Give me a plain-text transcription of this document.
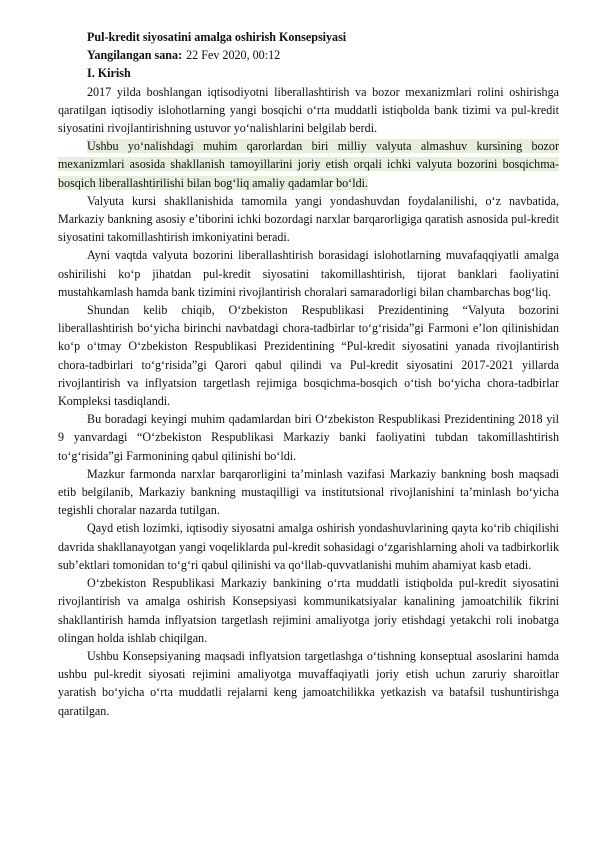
Pul-kredit siyosatini amalga oshirish Konsepsiyasi

Yangilangan sana: 22 Fev 2020, 00:12

I. Kirish

2017 yilda boshlangan iqtisodiyotni liberallashtirish va bozor mexanizmlari rolini oshirishga qaratilgan iqtisodiy islohotlarning yangi bosqichi o‘rta muddatli istiqbolda bank tizimi va pul-kredit siyosatini rivojlantirishning ustuvor yo‘nalishlarini belgilab berdi.

Ushbu yo‘nalishdagi muhim qarorlardan biri milliy valyuta almashuv kursining bozor mexanizmlari asosida shakllanish tamoyillarini joriy etish orqali ichki valyuta bozorini bosqichma-bosqich liberallashtirilishi bilan bog‘liq amaliy qadamlar bo‘ldi.

Valyuta kursi shakllanishida tamomila yangi yondashuvdan foydalanilishi, o‘z navbatida, Markaziy bankning asosiy e’tiborini ichki bozordagi narxlar barqarorligiga qaratish asnosida pul-kredit siyosatini takomillashtirish imkoniyatini beradi.

Ayni vaqtda valyuta bozorini liberallashtirish borasidagi islohotlarning muvafaqqiyatli amalga oshirilishi ko‘p jihatdan pul-kredit siyosatini takomillashtirish, tijorat banklari faoliyatini mustahkamlash hamda bank tizimini rivojlantirish choralari samaradorligi bilan chambarchas bog‘liq.

Shundan kelib chiqib, O‘zbekiston Respublikasi Prezidentining “Valyuta bozorini liberallashtirish bo‘yicha birinchi navbatdagi chora-tadbirlar to‘g‘risida”gi Farmoni e’lon qilinishidan ko‘p o‘tmay O‘zbekiston Respublikasi Prezidentining “Pul-kredit siyosatini yanada rivojlantirish chora-tadbirlari to‘g‘risida”gi Qarori qabul qilindi va Pul-kredit siyosatini 2017-2021 yillarda rivojlantirish va inflyatsion targetlash rejimiga bosqichma-bosqich o‘tish bo‘yicha chora-tadbirlar Kompleksi tasdiqlandi.

Bu boradagi keyingi muhim qadamlardan biri O‘zbekiston Respublikasi Prezidentining 2018 yil 9 yanvardagi “O‘zbekiston Respublikasi Markaziy banki faoliyatini tubdan takomillashtirish to‘g‘risida”gi Farmonining qabul qilinishi bo‘ldi.

Mazkur farmonda narxlar barqarorligini ta’minlash vazifasi Markaziy bankning bosh maqsadi etib belgilanib, Markaziy bankning mustaqilligi va institutsional rivojlanishini ta’minlash bo‘yicha tegishli choralar nazarda tutilgan.

Qayd etish lozimki, iqtisodiy siyosatni amalga oshirish yondashuvlarining qayta ko‘rib chiqilishi davrida shakllanayotgan yangi voqeliklarda pul-kredit sohasidagi o‘zgarishlarning aholi va tadbirkorlik sub’ektlari tomonidan to‘g‘ri qabul qilinishi va qo‘llab-quvvatlanishi muhim ahamiyat kasb etadi.

O‘zbekiston Respublikasi Markaziy bankining o‘rta muddatli istiqbolda pul-kredit siyosatini rivojlantirish va amalga oshirish Konsepsiyasi kommunikatsiyalar kanalining jamoatchilik fikrini shakllantirish hamda inflyatsion targetlash rejimini amaliyotga joriy etishdagi yetakchi roli inobatga olingan holda ishlab chiqilgan.

Ushbu Konsepsiyaning maqsadi inflyatsion targetlashga o‘tishning konseptual asoslarini hamda ushbu pul-kredit siyosati rejimini amaliyotga muvaffaqiyatli joriy etish uchun zaruriy sharoitlar yaratish bo‘yicha o‘rta muddatli rejalarni keng jamoatchilikka yetkazish va batafsil tushuntirishga qaratilgan.
